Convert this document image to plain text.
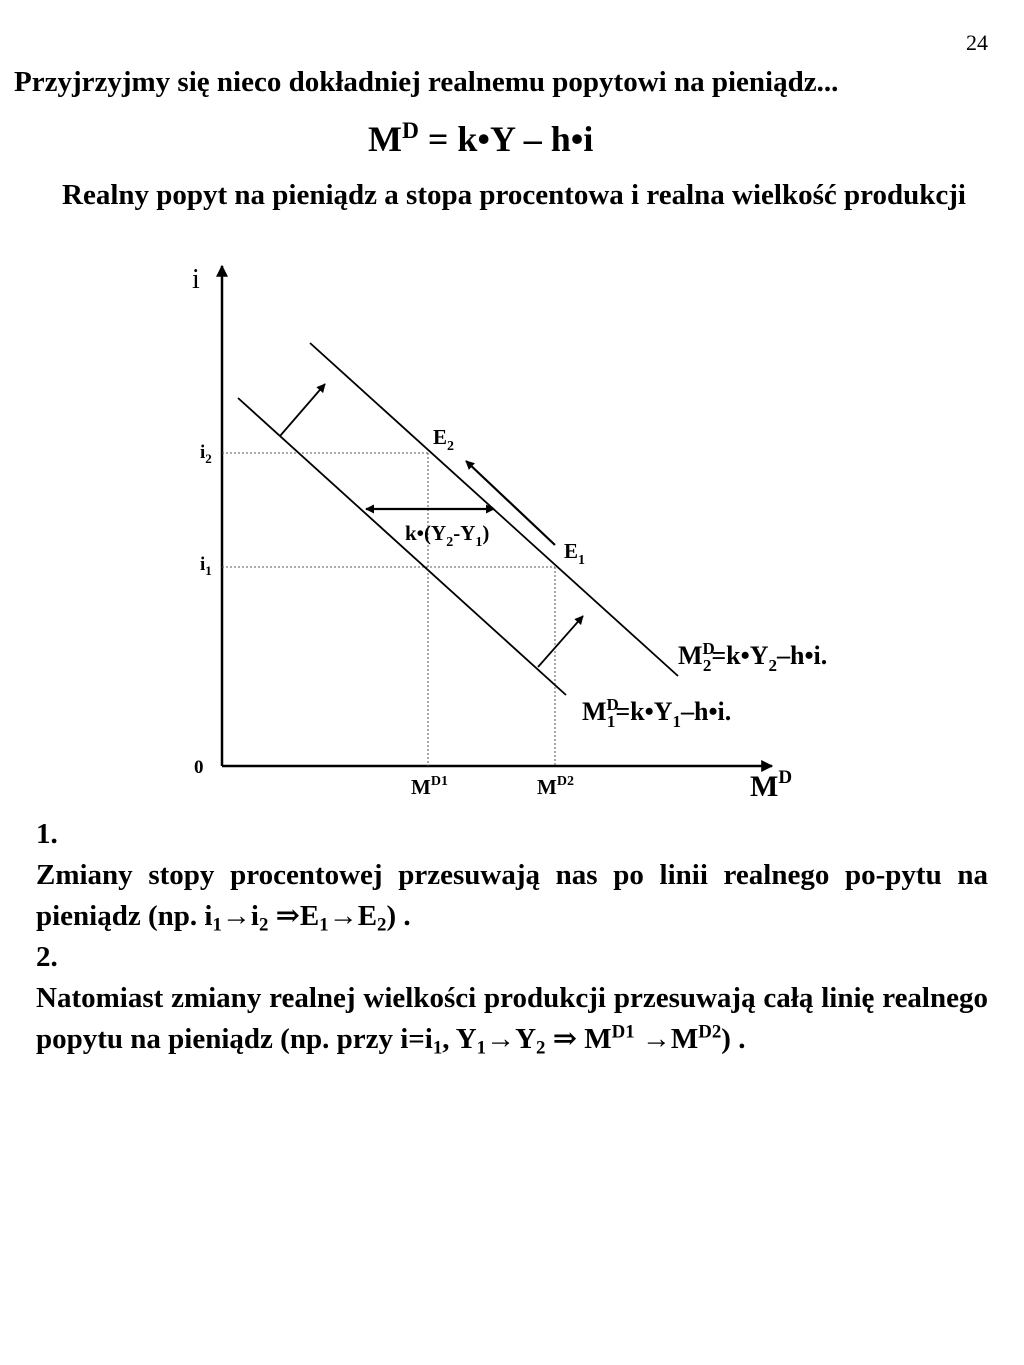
24
Przyjrzyjmy się nieco dokładniej realnemu popytowi na pieniądz...
$M^D$ = k•Y – h•i
Realny popyt na pieniądz a stopa procentowa i realna wielkość produkcji
i
$M^D$
0
$i_2$
$i_1$
$M^{D1}$	$M^{D2}$
$E_2$
$E_1$
$k•(Y_2-Y_1)$
$M^D$ $2=k•Y_2-h•i$.
$M^D$ $1=k•Y_1-h•i$.
1.
Zmiany stopy procentowej przesuwają nas po linii realnego po-pytu na pieniądz (np. $i_1\to i_2$ $\Rightarrow E_1\to E_2$) .
2.
Natomiast zmiany realnej wielkości produkcji przesuwają całą linię realnego popytu na pieniądz (np. przy $i=i_1$, $Y_1\to Y_2$ ⇒ $M^{D1} \to M^{D2}$) .
